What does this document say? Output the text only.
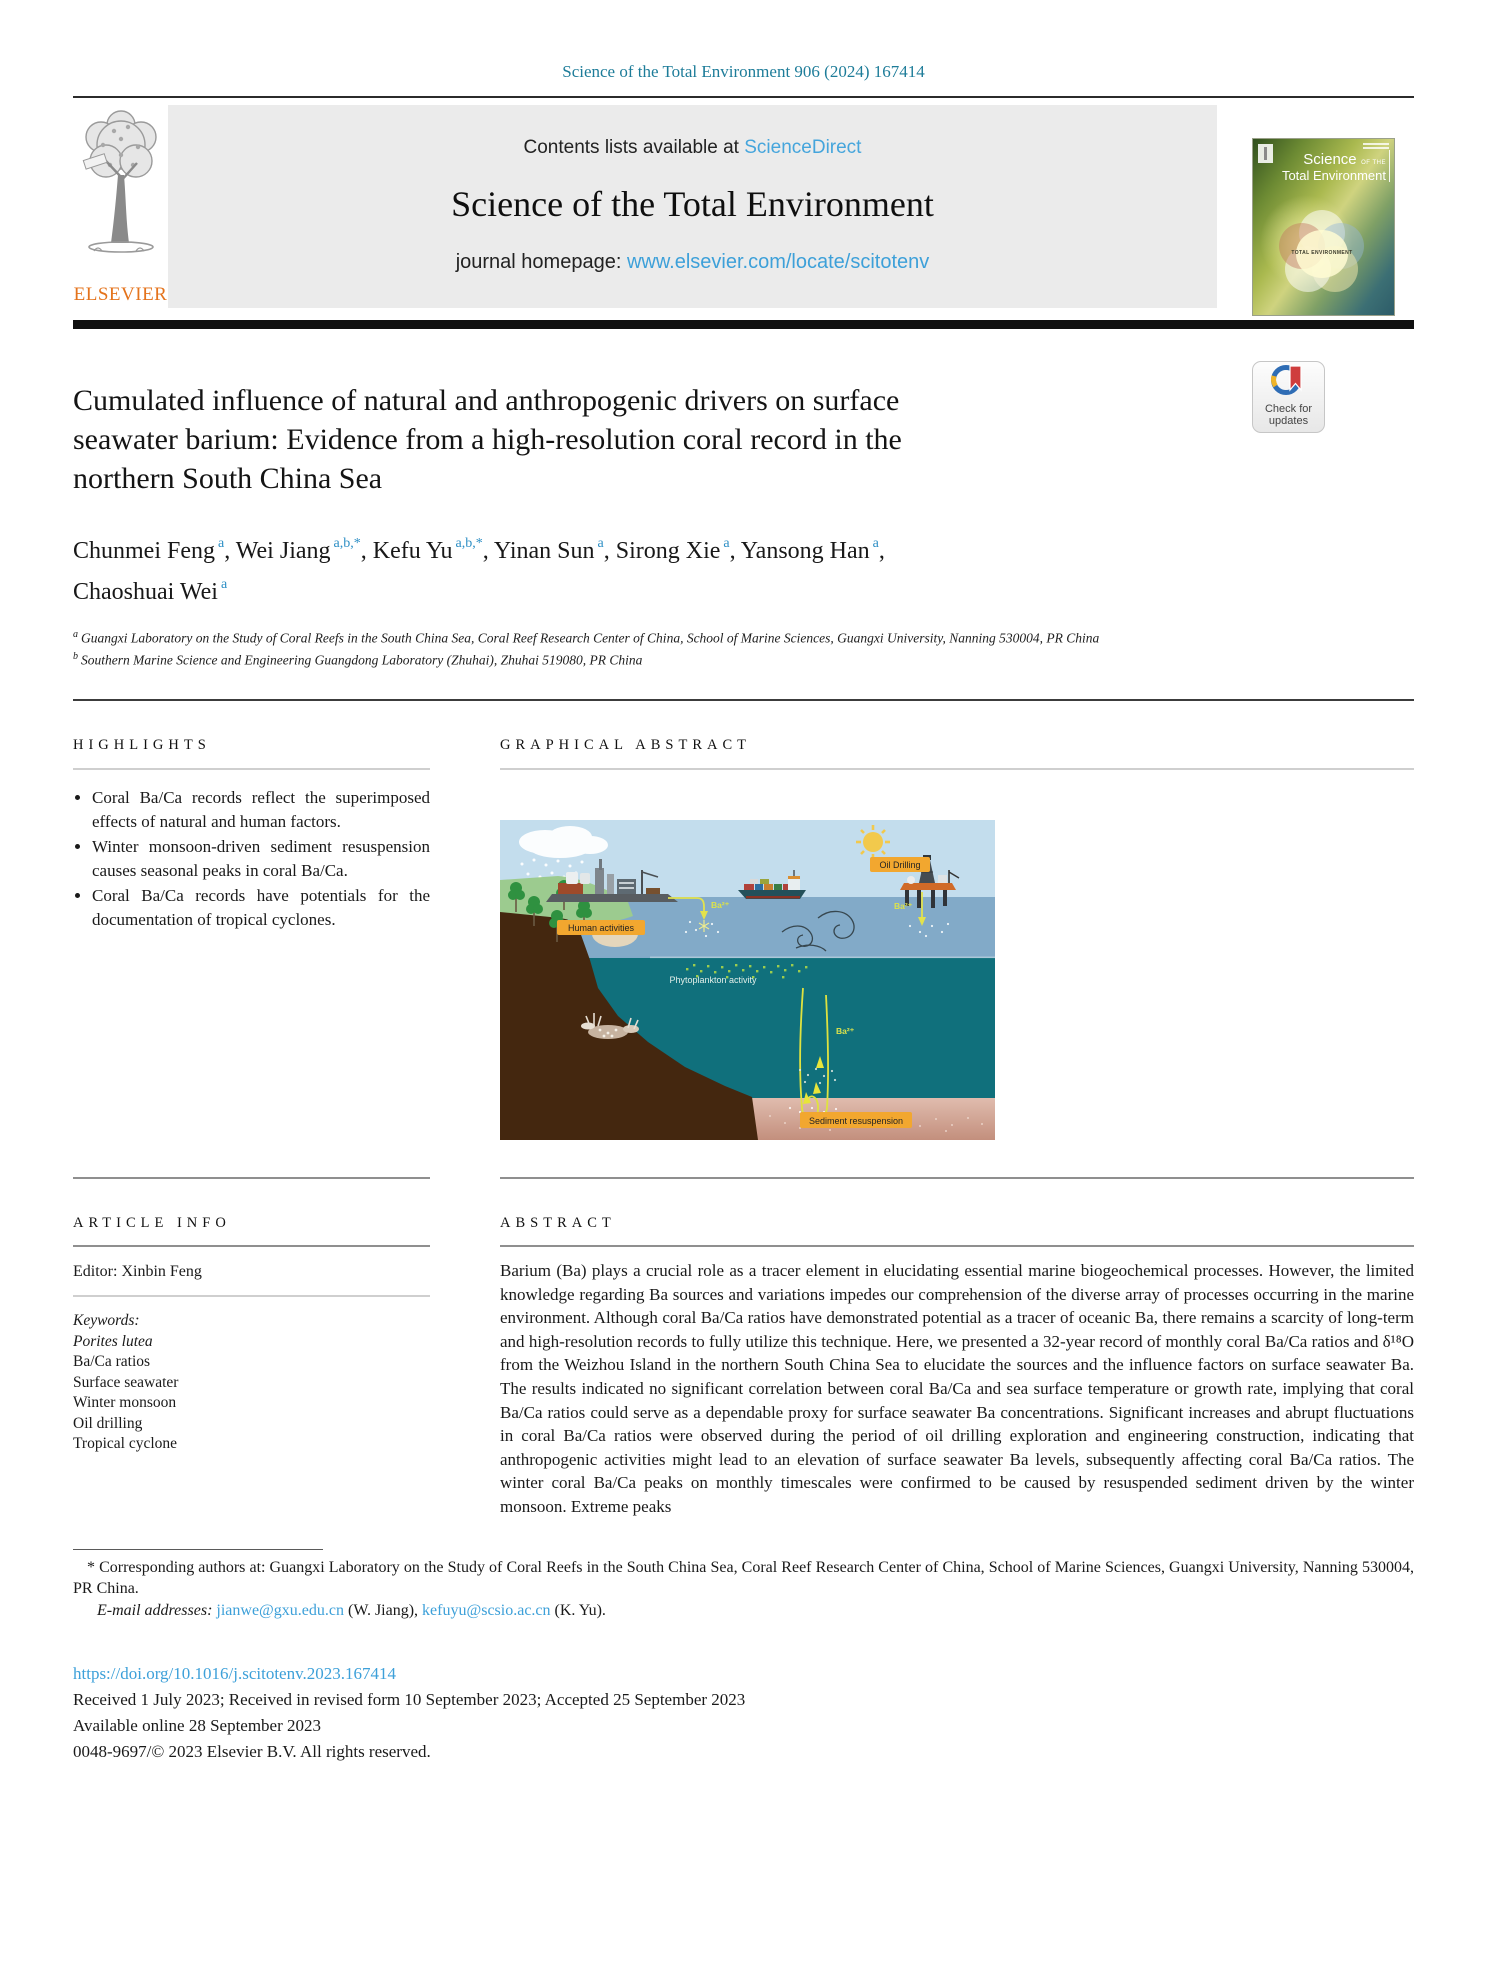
Science of the Total Environment 906 (2024) 167414
ELSEVIER
Contents lists available at ScienceDirect
Science of the Total Environment
journal homepage: www.elsevier.com/locate/scitotenv	TOTAL ENVIRONMENT
Science OF THE
Total Environment
Cumulated influence of natural and anthropogenic drivers on surface
seawater barium: Evidence from a high-resolution coral record in the
northern South China Sea
Check for
updates
Chunmei Feng $^a$, Wei Jiang $^{a,b,*}$, Kefu Yu $^{a,b,*}$, Yinan Sun $^a$, Sirong Xie $^a$, Yansong Han $^a$,
Chaoshuai Wei $^a$
$^a$ Guangxi Laboratory on the Study of Coral Reefs in the South China Sea, Coral Reef Research Center of China, School of Marine Sciences, Guangxi University, Nanning 530004, PR China
$^b$ Southern Marine Science and Engineering Guangdong Laboratory (Zhuhai), Zhuhai 519080, PR China
HIGHLIGHTS
• Coral Ba/Ca records reflect the superimposed effects of natural and human factors.
• Winter monsoon-driven sediment resuspension causes seasonal peaks in coral Ba/Ca.
• Coral Ba/Ca records have potentials for the documentation of tropical cyclones.
GRAPHICAL ABSTRACT
Oil Drilling
Human activities
Sediment resuspension
Phytoplankton activity
Ba²⁺	Ba²⁺
Ba²⁺
ARTICLE INFO
Editor: Xinbin Feng
Keywords:
Porites lutea
Ba/Ca ratios
Surface seawater
Winter monsoon
Oil drilling
Tropical cyclone
ABSTRACT

Barium (Ba) plays a crucial role as a tracer element in elucidating essential marine biogeochemical processes. However, the limited knowledge regarding Ba sources and variations impedes our comprehension of the diverse array of processes occurring in the marine environment. Although coral Ba/Ca ratios have demonstrated potential as a tracer of oceanic Ba, there remains a scarcity of long-term and high-resolution records to fully utilize this technique. Here, we presented a 32-year record of monthly coral Ba/Ca ratios and δ¹⁸O from the Weizhou Island in the northern South China Sea to elucidate the sources and the influence factors on surface seawater Ba. The results indicated no significant correlation between coral Ba/Ca and sea surface temperature or growth rate, implying that coral Ba/Ca ratios could serve as a dependable proxy for surface seawater Ba concentrations. Significant increases and abrupt fluctuations in coral Ba/Ca ratios were observed during the period of oil drilling exploration and engineering construction, indicating that anthropogenic activities might lead to an elevation of surface seawater Ba levels, subsequently affecting coral Ba/Ca ratios. The winter coral Ba/Ca peaks on monthly timescales were confirmed to be caused by resuspended sediment driven by the winter monsoon. Extreme peaks

* Corresponding authors at: Guangxi Laboratory on the Study of Coral Reefs in the South China Sea, Coral Reef Research Center of China, School of Marine Sciences, Guangxi University, Nanning 530004, PR China.

E-mail addresses: jianwe@gxu.edu.cn (W. Jiang), kefuyu@scsio.ac.cn (K. Yu).

https://doi.org/10.1016/j.scitotenv.2023.167414
Received 1 July 2023; Received in revised form 10 September 2023; Accepted 25 September 2023
Available online 28 September 2023
0048-9697/© 2023 Elsevier B.V. All rights reserved.
